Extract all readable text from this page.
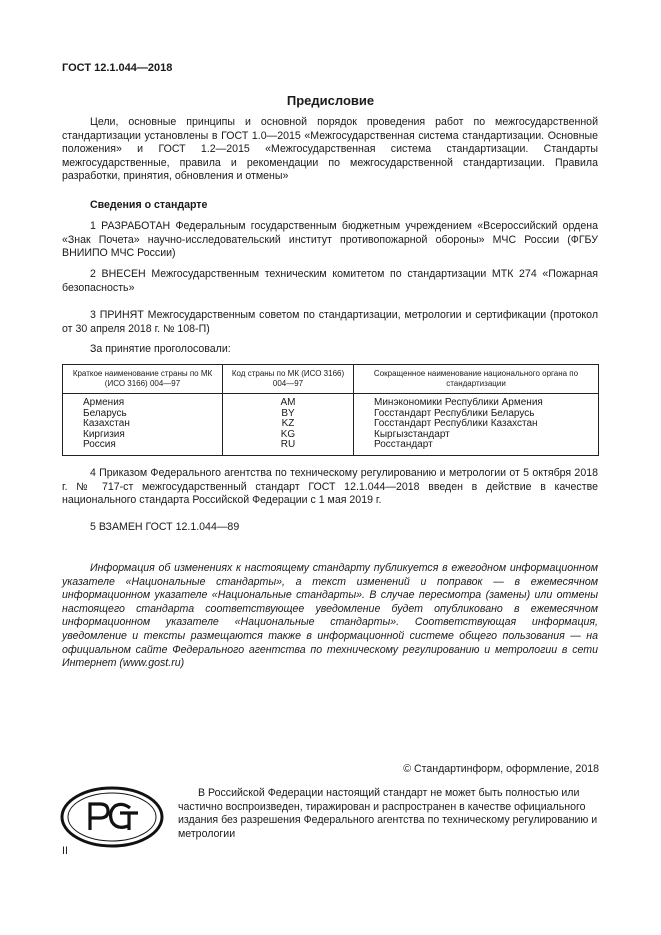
ГОСТ 12.1.044—2018
Предисловие
Цели, основные принципы и основной порядок проведения работ по межгосударственной стандартизации установлены в ГОСТ 1.0—2015 «Межгосударственная система стандартизации. Основные положения» и ГОСТ 1.2—2015 «Межгосударственная система стандартизации. Стандарты межгосударственные, правила и рекомендации по межгосударственной стандартизации. Правила разработки, принятия, обновления и отмены»
Сведения о стандарте
1 РАЗРАБОТАН Федеральным государственным бюджетным учреждением «Всероссийский ордена «Знак Почета» научно-исследовательский институт противопожарной обороны» МЧС России (ФГБУ ВНИИПО МЧС России)
2 ВНЕСЕН Межгосударственным техническим комитетом по стандартизации МТК 274 «Пожарная безопасность»
3 ПРИНЯТ Межгосударственным советом по стандартизации, метрологии и сертификации (протокол от 30 апреля 2018 г. № 108-П)
За принятие проголосовали:
Краткое наименование страны по МК (ИСО 3166) 004—97	Код страны по МК (ИСО 3166) 004—97	Сокращенное наименование национального органа по стандартизации
Армения	AM	Минэкономики Республики Армения
Беларусь	BY	Госстандарт Республики Беларусь
Казахстан	KZ	Госстандарт Республики Казахстан
Киргизия	KG	Кыргызстандарт
Россия	RU	Росстандарт
4 Приказом Федерального агентства по техническому регулированию и метрологии от 5 октября 2018 г. № 717-ст межгосударственный стандарт ГОСТ 12.1.044—2018 введен в действие в качестве национального стандарта Российской Федерации с 1 мая 2019 г.
5 ВЗАМЕН ГОСТ 12.1.044—89
Информация об изменениях к настоящему стандарту публикуется в ежегодном информационном указателе «Национальные стандарты», а текст изменений и поправок — в ежемесячном информационном указателе «Национальные стандарты». В случае пересмотра (замены) или отмены настоящего стандарта соответствующее уведомление будет опубликовано в ежемесячном информационном указателе «Национальные стандарты». Соответствующая информация, уведомление и тексты размещаются также в информационной системе общего пользования — на официальном сайте Федерального агентства по техническому регулированию и метрологии в сети Интернет (www.gost.ru)
© Стандартинформ, оформление, 2018
В Российской Федерации настоящий стандарт не может быть полностью или частично воспроизведен, тиражирован и распространен в качестве официального издания без разрешения Федерального агентства по техническому регулированию и метрологии
II
